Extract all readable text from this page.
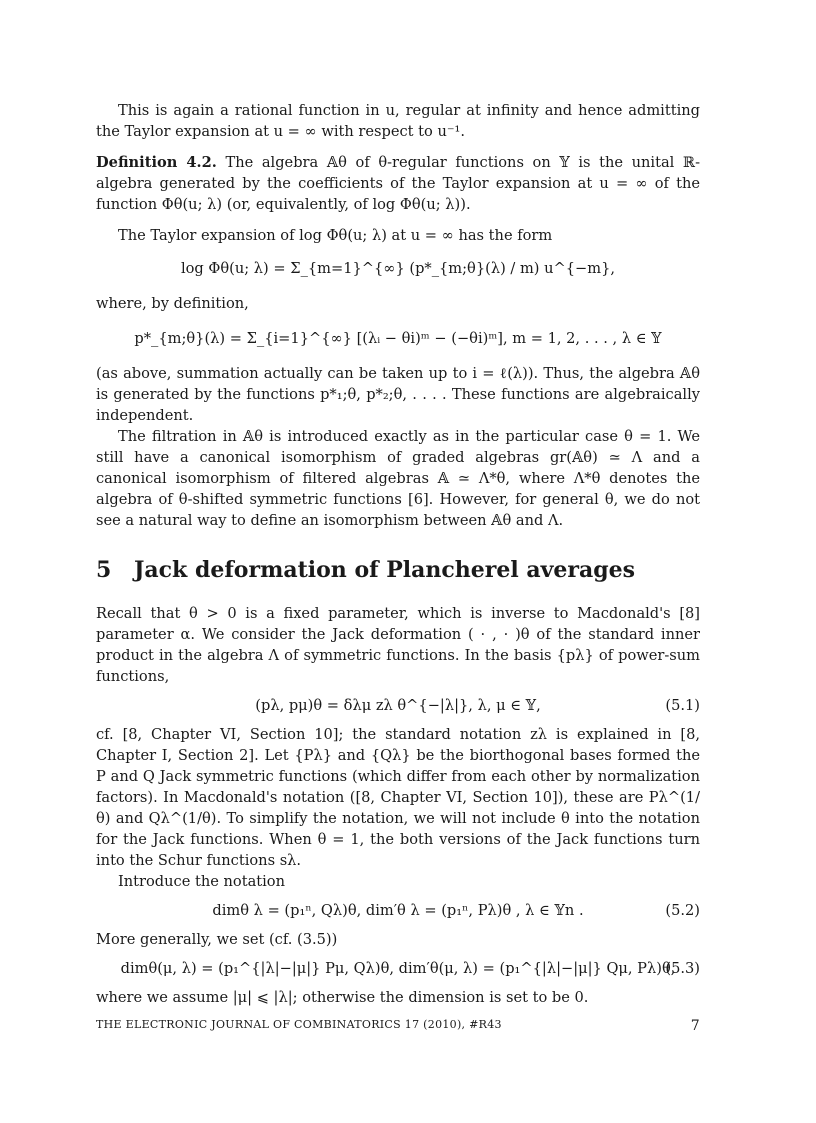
This is again a rational function in u, regular at infinity and hence admitting the Taylor expansion at u = ∞ with respect to u⁻¹.

Definition 4.2. The algebra 𝔸θ of θ-regular functions on 𝕐 is the unital ℝ-algebra generated by the coefficients of the Taylor expansion at u = ∞ of the function Φθ(u; λ) (or, equivalently, of log Φθ(u; λ)).

The Taylor expansion of log Φθ(u; λ) at u = ∞ has the form

log Φθ(u; λ) = Σ_{m=1}^{∞} (p*_{m;θ}(λ) / m) u^{−m},

where, by definition,

p*_{m;θ}(λ) = Σ_{i=1}^{∞} [(λᵢ − θi)ᵐ − (−θi)ᵐ], m = 1, 2, . . . , λ ∈ 𝕐

(as above, summation actually can be taken up to i = ℓ(λ)). Thus, the algebra 𝔸θ is generated by the functions p*₁;θ, p*₂;θ, . . . . These functions are algebraically independent.

The filtration in 𝔸θ is introduced exactly as in the particular case θ = 1. We still have a canonical isomorphism of graded algebras gr(𝔸θ) ≃ Λ and a canonical isomorphism of filtered algebras 𝔸 ≃ Λ*θ, where Λ*θ denotes the algebra of θ-shifted symmetric functions [6]. However, for general θ, we do not see a natural way to define an isomorphism between 𝔸θ and Λ.

5 Jack deformation of Plancherel averages

Recall that θ > 0 is a fixed parameter, which is inverse to Macdonald's [8] parameter α. We consider the Jack deformation ( · , · )θ of the standard inner product in the algebra Λ of symmetric functions. In the basis {pλ} of power-sum functions,

(pλ, pμ)θ = δλμ zλ θ^{−|λ|}, λ, μ ∈ 𝕐,	(5.1)

cf. [8, Chapter VI, Section 10]; the standard notation zλ is explained in [8, Chapter I, Section 2]. Let {Pλ} and {Qλ} be the biorthogonal bases formed the P and Q Jack symmetric functions (which differ from each other by normalization factors). In Macdonald's notation ([8, Chapter VI, Section 10]), these are Pλ^(1/θ) and Qλ^(1/θ). To simplify the notation, we will not include θ into the notation for the Jack functions. When θ = 1, the both versions of the Jack functions turn into the Schur functions sλ.

Introduce the notation

dimθ λ = (p₁ⁿ, Qλ)θ, dim′θ λ = (p₁ⁿ, Pλ)θ , λ ∈ 𝕐n .	(5.2)

More generally, we set (cf. (3.5))

dimθ(μ, λ) = (p₁^{|λ|−|μ|} Pμ, Qλ)θ, dim′θ(μ, λ) = (p₁^{|λ|−|μ|} Qμ, Pλ)θ,
(5.3)

where we assume |μ| ⩽ |λ|; otherwise the dimension is set to be 0.

THE ELECTRONIC JOURNAL OF COMBINATORICS 17 (2010), #R43	7
